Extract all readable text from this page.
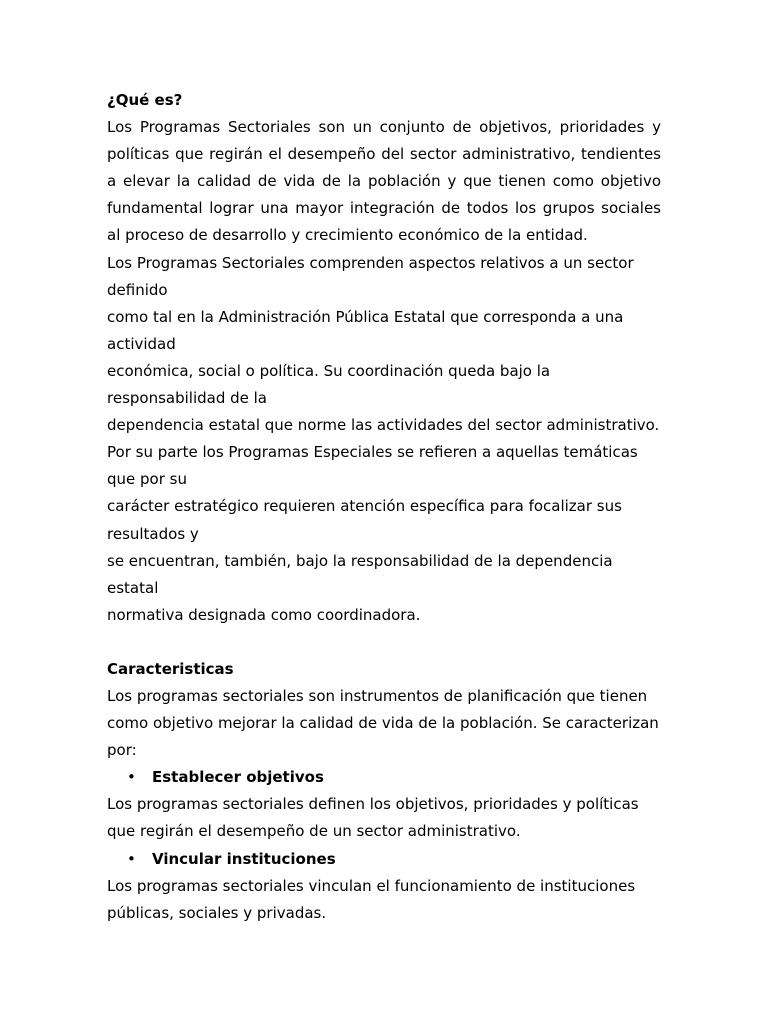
¿Qué es?

Los Programas Sectoriales son un conjunto de objetivos, prioridades y políticas que regirán el desempeño del sector administrativo, tendientes a elevar la calidad de vida de la población y que tienen como objetivo fundamental lograr una mayor integración de todos los grupos sociales al proceso de desarrollo y crecimiento económico de la entidad.

Los Programas Sectoriales comprenden aspectos relativos a un sector

definido

como tal en la Administración Pública Estatal que corresponda a una

actividad

económica, social o política. Su coordinación queda bajo la

responsabilidad de la

dependencia estatal que norme las actividades del sector administrativo.

Por su parte los Programas Especiales se refieren a aquellas temáticas

que por su

carácter estratégico requieren atención específica para focalizar sus

resultados y

se encuentran, también, bajo la responsabilidad de la dependencia

estatal

normativa designada como coordinadora.

Caracteristicas

Los programas sectoriales son instrumentos de planificación que tienen como objetivo mejorar la calidad de vida de la población. Se caracterizan por:

• Establecer objetivos

Los programas sectoriales definen los objetivos, prioridades y políticas que regirán el desempeño de un sector administrativo.

• Vincular instituciones

Los programas sectoriales vinculan el funcionamiento de instituciones públicas, sociales y privadas.
